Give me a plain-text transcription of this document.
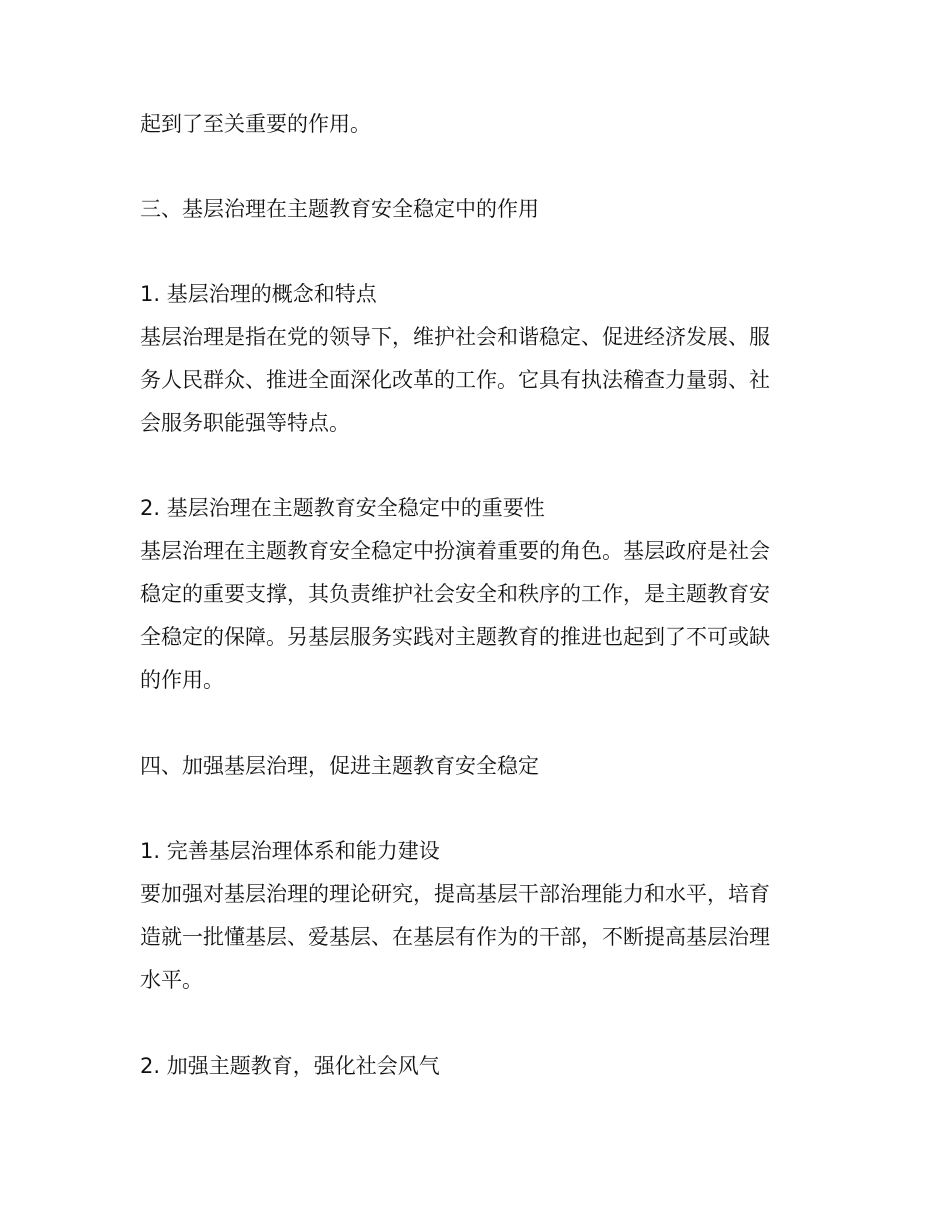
起到了至关重要的作用。
三、基层治理在主题教育安全稳定中的作用
1. 基层治理的概念和特点
基层治理是指在党的领导下，维护社会和谐稳定、促进经济发展、服
务人民群众、推进全面深化改革的工作。它具有执法稽查力量弱、社
会服务职能强等特点。
2. 基层治理在主题教育安全稳定中的重要性
基层治理在主题教育安全稳定中扮演着重要的角色。基层政府是社会
稳定的重要支撑，其负责维护社会安全和秩序的工作，是主题教育安
全稳定的保障。另基层服务实践对主题教育的推进也起到了不可或缺
的作用。
四、加强基层治理，促进主题教育安全稳定
1. 完善基层治理体系和能力建设
要加强对基层治理的理论研究，提高基层干部治理能力和水平，培育
造就一批懂基层、爱基层、在基层有作为的干部，不断提高基层治理
水平。
2. 加强主题教育，强化社会风气
